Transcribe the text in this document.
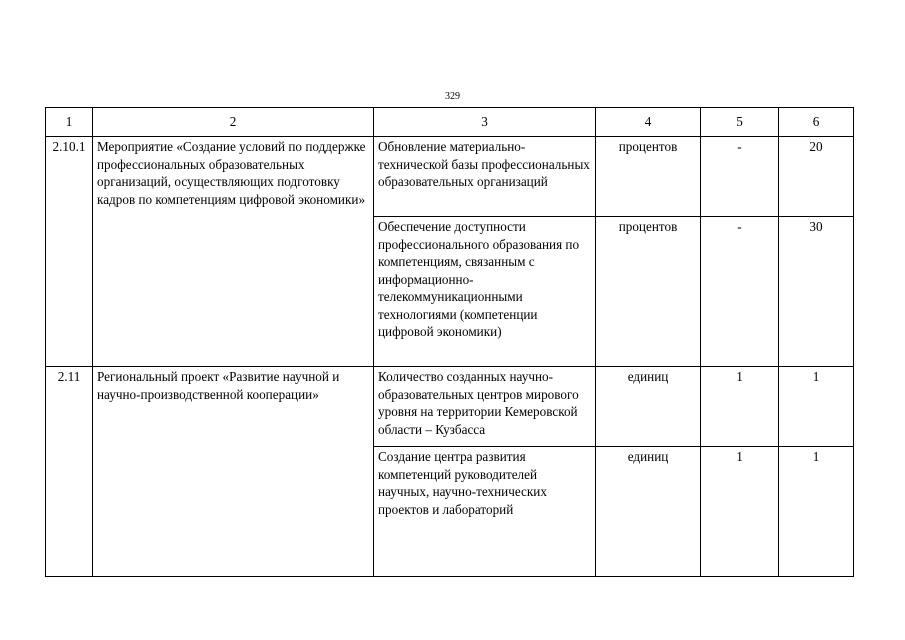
329
1	2	3	4	5	6
2.10.1	Мероприятие «Создание условий по поддержке профессиональных образовательных организаций, осуществляющих подготовку кадров по компетенциям цифровой экономики»	Обновление материально-технической базы профессиональных образовательных организаций	процентов	-	20
		Обеспечение доступности профессионального образования по компетенциям, связанным с информационно-телекоммуникационными технологиями (компетенции цифровой экономики)	процентов	-	30
2.11	Региональный проект «Развитие научной и научно-производственной кооперации»	Количество созданных научно-образовательных центров мирового уровня на территории Кемеровской области – Кузбасса	единиц	1	1
		Создание центра развития компетенций руководителей научных, научно-технических проектов и лабораторий	единиц	1	1
